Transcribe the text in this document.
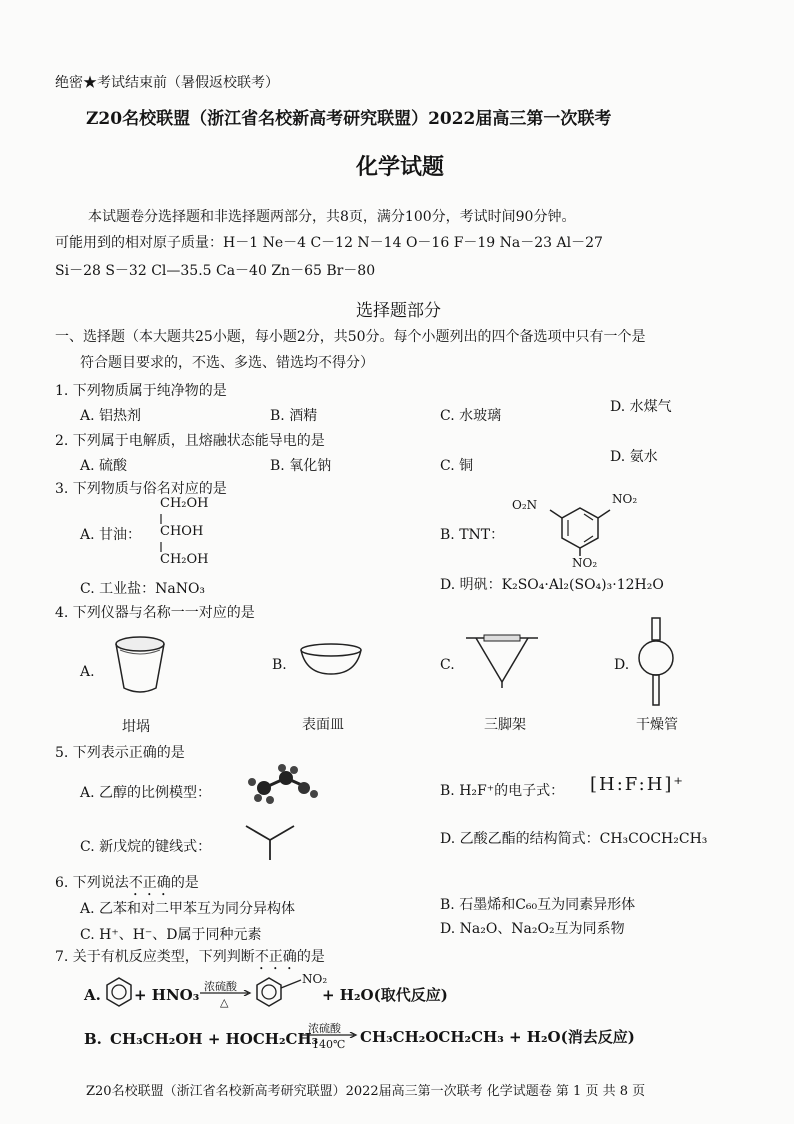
绝密★考试结束前（暑假返校联考）
Z20名校联盟（浙江省名校新高考研究联盟）2022届高三第一次联考
化学试题
本试题卷分选择题和非选择题两部分，共8页，满分100分，考试时间90分钟。
可能用到的相对原子质量：H－1 Ne－4 C－12 N－14 O－16 F－19 Na－23 Al－27
Si－28 S－32 Cl—35.5 Ca－40 Zn－65 Br－80
选择题部分
一、选择题（本大题共25小题，每小题2分，共50分。每个小题列出的四个备选项中只有一个是
符合题目要求的，不选、多选、错选均不得分）
1. 下列物质属于纯净物的是
A. 铝热剂	B. 酒精	C. 水玻璃
D. 水煤气
2. 下列属于电解质，且熔融状态能导电的是
A. 硫酸	B. 氧化钠	C. 铜
D. 氨水
3. 下列物质与俗名对应的是
A. 甘油：
CH₂OH
CHOH
CH₂OH
B. TNT：
O₂N	NO₂
NO₂
C. 工业盐：NaNO₃	D. 明矾：K₂SO₄·Al₂(SO₄)₃·12H₂O
4. 下列仪器与名称一一对应的是
A.
坩埚
B.
表面皿
C.
三脚架
D.
干燥管
5. 下列表示正确的是
A. 乙醇的比例模型：	B. H₂F⁺的电子式： [H:F:H]⁺
C. 新戊烷的键线式：	D. 乙酸乙酯的结构简式：CH₃COCH₂CH₃
6. 下列说法不正确的是
A. 乙苯和对二甲苯互为同分异构体	B. 石墨烯和C₆₀互为同素异形体
C. H⁺、H⁻、D属于同种元素	D. Na₂O、Na₂O₂互为同系物
7. 关于有机反应类型，下列判断不正确的是
A. + HNO₃ 浓硫酸
△
NO₂
+ H₂O(取代反应)
B. CH₃CH₂OH + HOCH₂CH₃
浓硫酸
140℃ CH₃CH₂OCH₂CH₃ + H₂O(消去反应)
Z20名校联盟（浙江省名校新高考研究联盟）2022届高三第一次联考 化学试题卷 第 1 页 共 8 页
